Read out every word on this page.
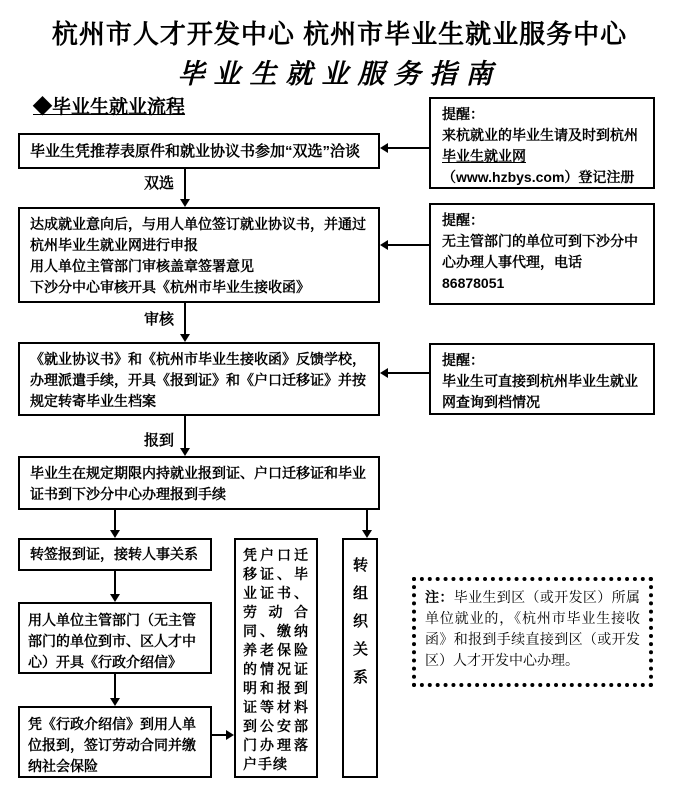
杭州市人才开发中心 杭州市毕业生就业服务中心
毕业生就业服务指南
◆毕业生就业流程
毕业生凭推荐表原件和就业协议书参加“双选”洽谈
达成就业意向后，与用人单位签订就业协议书，并通过
杭州毕业生就业网进行申报
用人单位主管部门审核盖章签署意见
下沙分中心审核开具《杭州市毕业生接收函》
《就业协议书》和《杭州市毕业生接收函》反馈学校，
办理派遣手续，开具《报到证》和《户口迁移证》并按
规定转寄毕业生档案
毕业生在规定期限内持就业报到证、户口迁移证和毕业
证书到下沙分中心办理报到手续
转签报到证，接转人事关系
用人单位主管部门（无主管
部门的单位到市、区人才中
心）开具《行政介绍信》
凭《行政介绍信》到用人单
位报到，签订劳动合同并缴
纳社会保险
凭户口迁移证、毕业证书、劳动合同、缴纳养老保险的情况证明和报到证等材料到公安部门办理落户手续
转组织关系
双选
审核
报到
提醒：
来杭就业的毕业生请及时到杭州毕业生就业网（www.hzbys.com）登记注册
提醒：
无主管部门的单位可到下沙分中心办理人事代理，电话 86878051
提醒：
毕业生可直接到杭州毕业生就业网查询到档情况
注：毕业生到区（或开发区）所属单位就业的，《杭州市毕业生接收函》和报到手续直接到区（或开发区）人才开发中心办理。
